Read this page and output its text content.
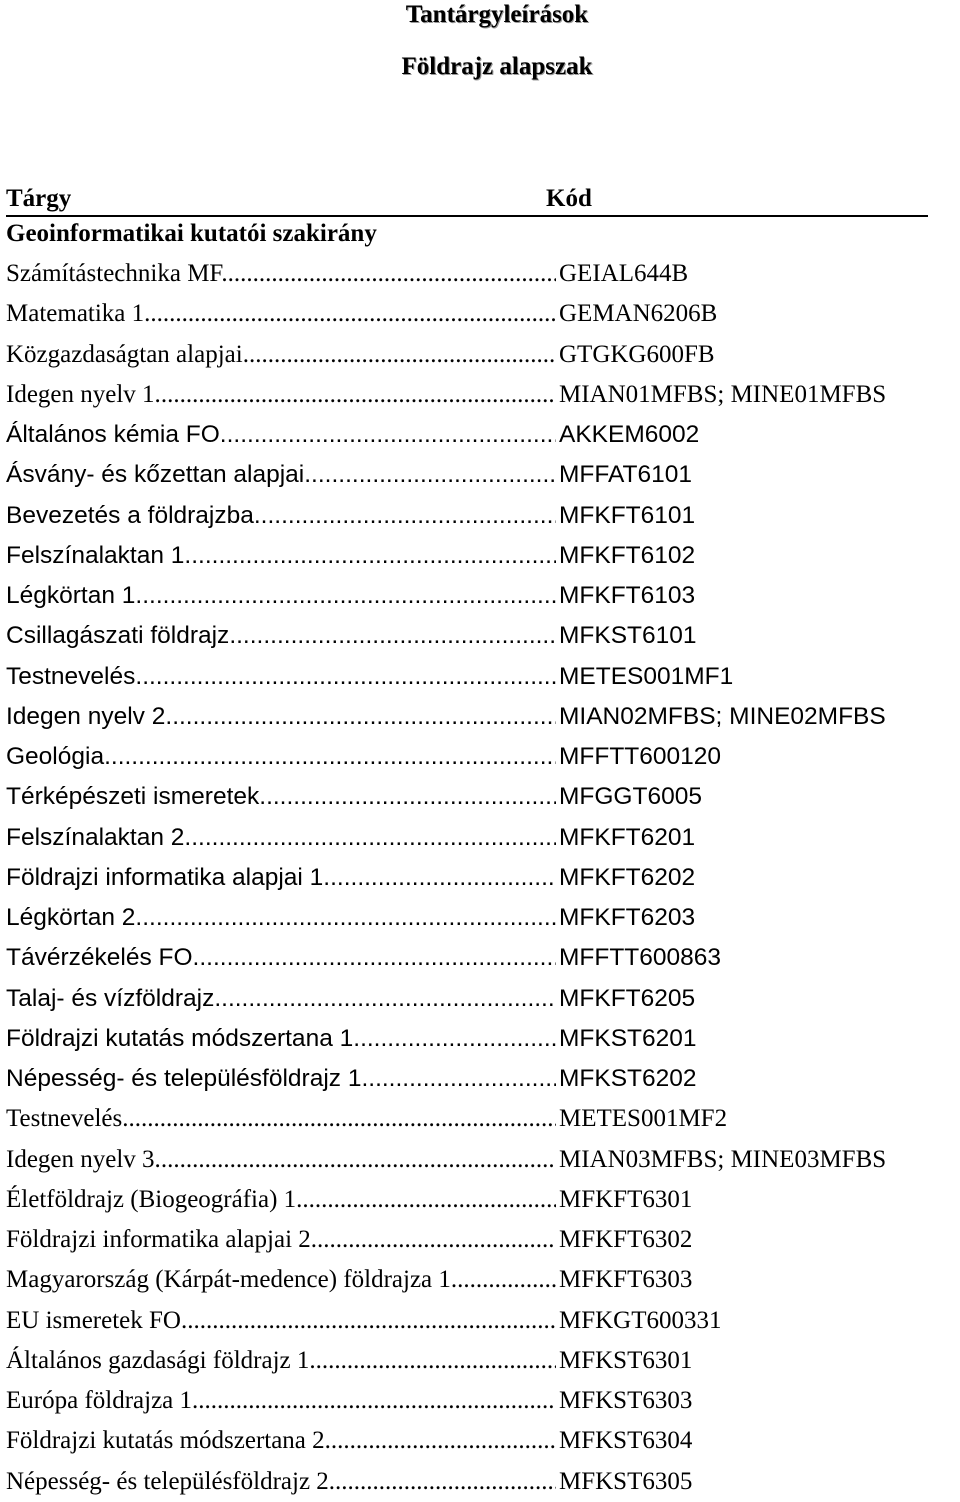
Tantárgyleírások
Földrajz alapszak
Tárgy	Kód
Geoinformatikai kutatói szakirány
Számítástechnika MF .....	GEIAL644B
Matematika 1. .....	GEMAN6206B
Közgazdaságtan alapjai .....	GTGKG600FB
Idegen nyelv 1. .....	MIAN01MFBS; MINE01MFBS
Általános kémia FO .....	AKKEM6002
Ásvány- és kőzettan alapjai .....	MFFAT6101
Bevezetés a földrajzba .....	MFKFT6101
Felszínalaktan 1. .....	MFKFT6102
Légkörtan 1. .....	MFKFT6103
Csillagászati földrajz .....	MFKST6101
Testnevelés .....	METES001MF1
Idegen nyelv 2. .....	MIAN02MFBS; MINE02MFBS
Geológia .....	MFFTT600120
Térképészeti ismeretek .....	MFGGT6005
Felszínalaktan 2. .....	MFKFT6201
Földrajzi informatika alapjai 1. .....	MFKFT6202
Légkörtan 2. .....	MFKFT6203
Távérzékelés FO .....	MFFTT600863
Talaj- és vízföldrajz .....	MFKFT6205
Földrajzi kutatás módszertana 1. .....	MFKST6201
Népesség- és településföldrajz 1. .....	MFKST6202
Testnevelés .....	METES001MF2
Idegen nyelv 3. .....	MIAN03MFBS; MINE03MFBS
Életföldrajz (Biogeográfia) 1. .....	MFKFT6301
Földrajzi informatika alapjai 2. .....	MFKFT6302
Magyarország (Kárpát-medence) földrajza 1. .....	MFKFT6303
EU ismeretek FO .....	MFKGT600331
Általános gazdasági földrajz 1. .....	MFKST6301
Európa földrajza 1. .....	MFKST6303
Földrajzi kutatás módszertana 2. .....	MFKST6304
Népesség- és településföldrajz 2. .....	MFKST6305
